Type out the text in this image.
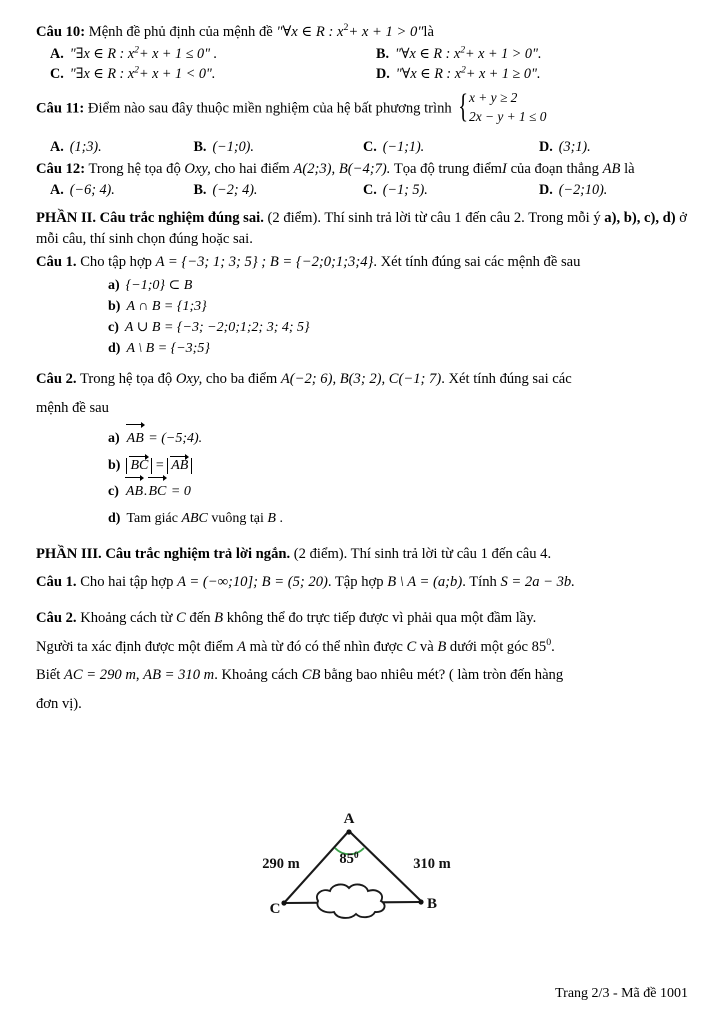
Câu 10: Mệnh đề phủ định của mệnh đề "∀x ∈ R : $x^2+ x + 1$ > 0"là
A. "∃x ∈ R : $x^2+ x + 1 \le 0$" .	B. "∀x ∈ R : $x^2+ x + 1 > 0$".
C. "∃x ∈ R : $x^2+ x + 1 < 0$".	D. "∀x ∈ R : $x^2+ x + 1 \ge 0$".
Câu 11: Điểm nào sau đây thuộc miền nghiệm của hệ bất phương trình { x + y ≥ 2
2x − y + 1 ≤ 0
A. (1;3).	B. (−1;0).	C. (−1;1).	D. (3;1).
Câu 12: Trong hệ tọa độ Oxy, cho hai điểm A(2;3), B(−4;7). Tọa độ trung điểmI của đoạn thẳng AB là
A. (−6; 4).	B. (−2; 4).	C. (−1; 5).	D. (−2;10).
PHẦN II. Câu trắc nghiệm đúng sai. (2 điểm). Thí sinh trả lời từ câu 1 đến câu 2. Trong mỗi ý a), b), c), d) ở mỗi câu, thí sinh chọn đúng hoặc sai.
Câu 1. Cho tập hợp A = {−3; 1; 3; 5} ; B = {−2;0;1;3;4}. Xét tính đúng sai các mệnh đề sau
a) {−1;0} ⊂ B
b) A ∩ B = {1;3}
c) A ∪ B = {−3; −2;0;1;2; 3; 4; 5}
d) A \ B = {−3;5}
Câu 2. Trong hệ tọa độ Oxy, cho ba điểm A(−2; 6), B(3; 2), C(−1; 7). Xét tính đúng sai các
mệnh đề sau
a) AB = (−5;4).
b) BC = AB
c) AB.BC = 0
d) Tam giác ABC vuông tại B .
PHẦN III. Câu trắc nghiệm trả lời ngắn. (2 điểm). Thí sinh trả lời từ câu 1 đến câu 4.
Câu 1. Cho hai tập hợp A = (−∞;10]; B = (5; 20). Tập hợp B \ A = (a;b). Tính S = 2a − 3b.
Câu 2. Khoảng cách từ C đến B không thể đo trực tiếp được vì phải qua một đầm lầy.
Người ta xác định được một điểm A mà từ đó có thể nhìn được C và B dưới một góc $85^0$.
Biết AC = 290 m, AB = 310 m. Khoảng cách CB bằng bao nhiêu mét? ( làm tròn đến hàng
đơn vị).
A
C	B
290 m	310 m
$85^0$
Trang 2/3 - Mã đề 1001
